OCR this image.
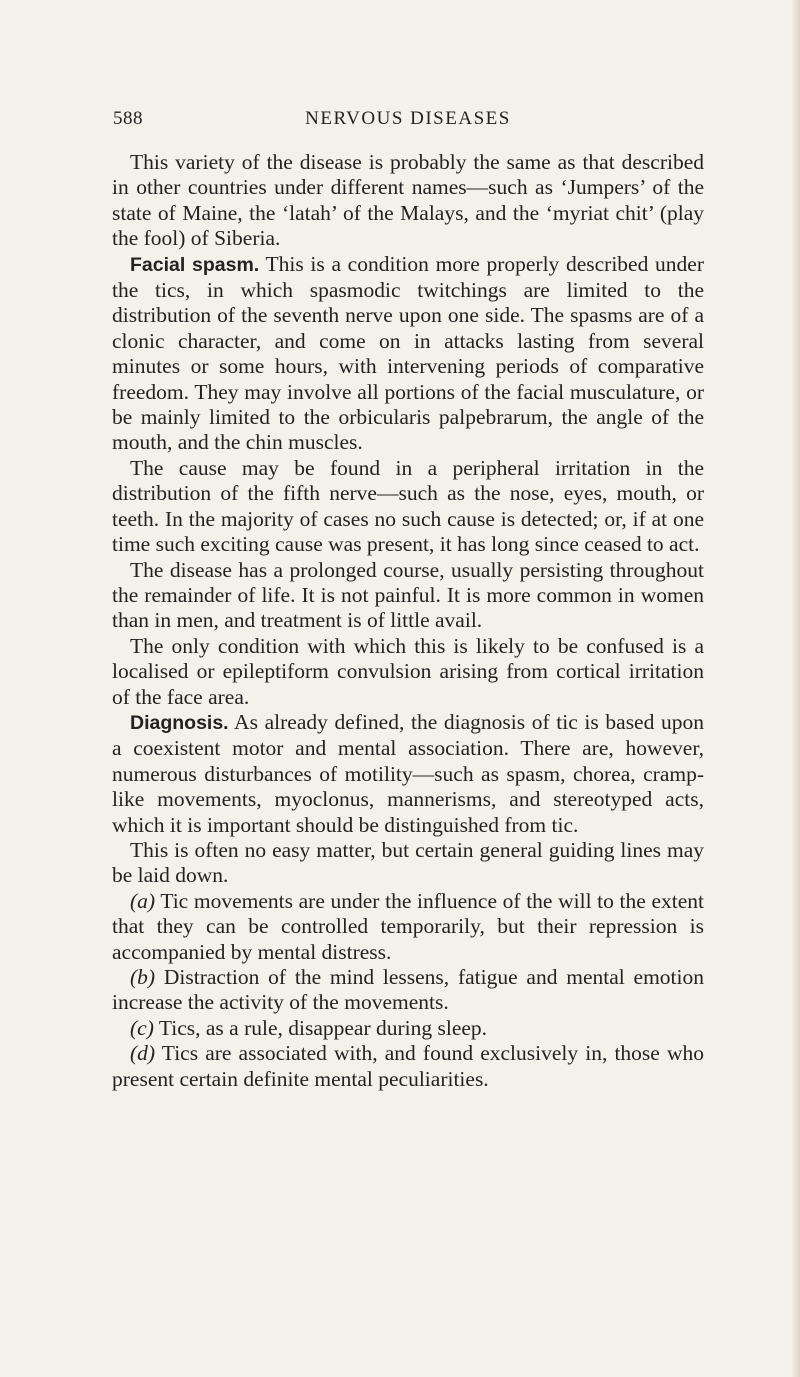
588	NERVOUS DISEASES

This variety of the disease is probably the same as that described in other countries under different names—such as ‘Jumpers’ of the state of Maine, the ‘latah’ of the Malays, and the ‘myriat chit’ (play the fool) of Siberia.

Facial spasm. This is a condition more properly described under the tics, in which spasmodic twitchings are limited to the distribution of the seventh nerve upon one side. The spasms are of a clonic character, and come on in attacks lasting from several minutes or some hours, with intervening periods of comparative freedom. They may involve all portions of the facial musculature, or be mainly limited to the orbicularis palpebrarum, the angle of the mouth, and the chin muscles.

The cause may be found in a peripheral irritation in the distribution of the fifth nerve—such as the nose, eyes, mouth, or teeth. In the majority of cases no such cause is detected; or, if at one time such exciting cause was present, it has long since ceased to act.

The disease has a prolonged course, usually persisting throughout the remainder of life. It is not painful. It is more common in women than in men, and treatment is of little avail.

The only condition with which this is likely to be confused is a localised or epileptiform convulsion arising from cortical irritation of the face area.

Diagnosis. As already defined, the diagnosis of tic is based upon a coexistent motor and mental association. There are, however, numerous disturbances of motility—such as spasm, chorea, cramp-like movements, myoclonus, mannerisms, and stereotyped acts, which it is important should be distinguished from tic.

This is often no easy matter, but certain general guiding lines may be laid down.

(a) Tic movements are under the influence of the will to the extent that they can be controlled temporarily, but their repression is accompanied by mental distress.

(b) Distraction of the mind lessens, fatigue and mental emotion increase the activity of the movements.

(c) Tics, as a rule, disappear during sleep.

(d) Tics are associated with, and found exclusively in, those who present certain definite mental peculiarities.
